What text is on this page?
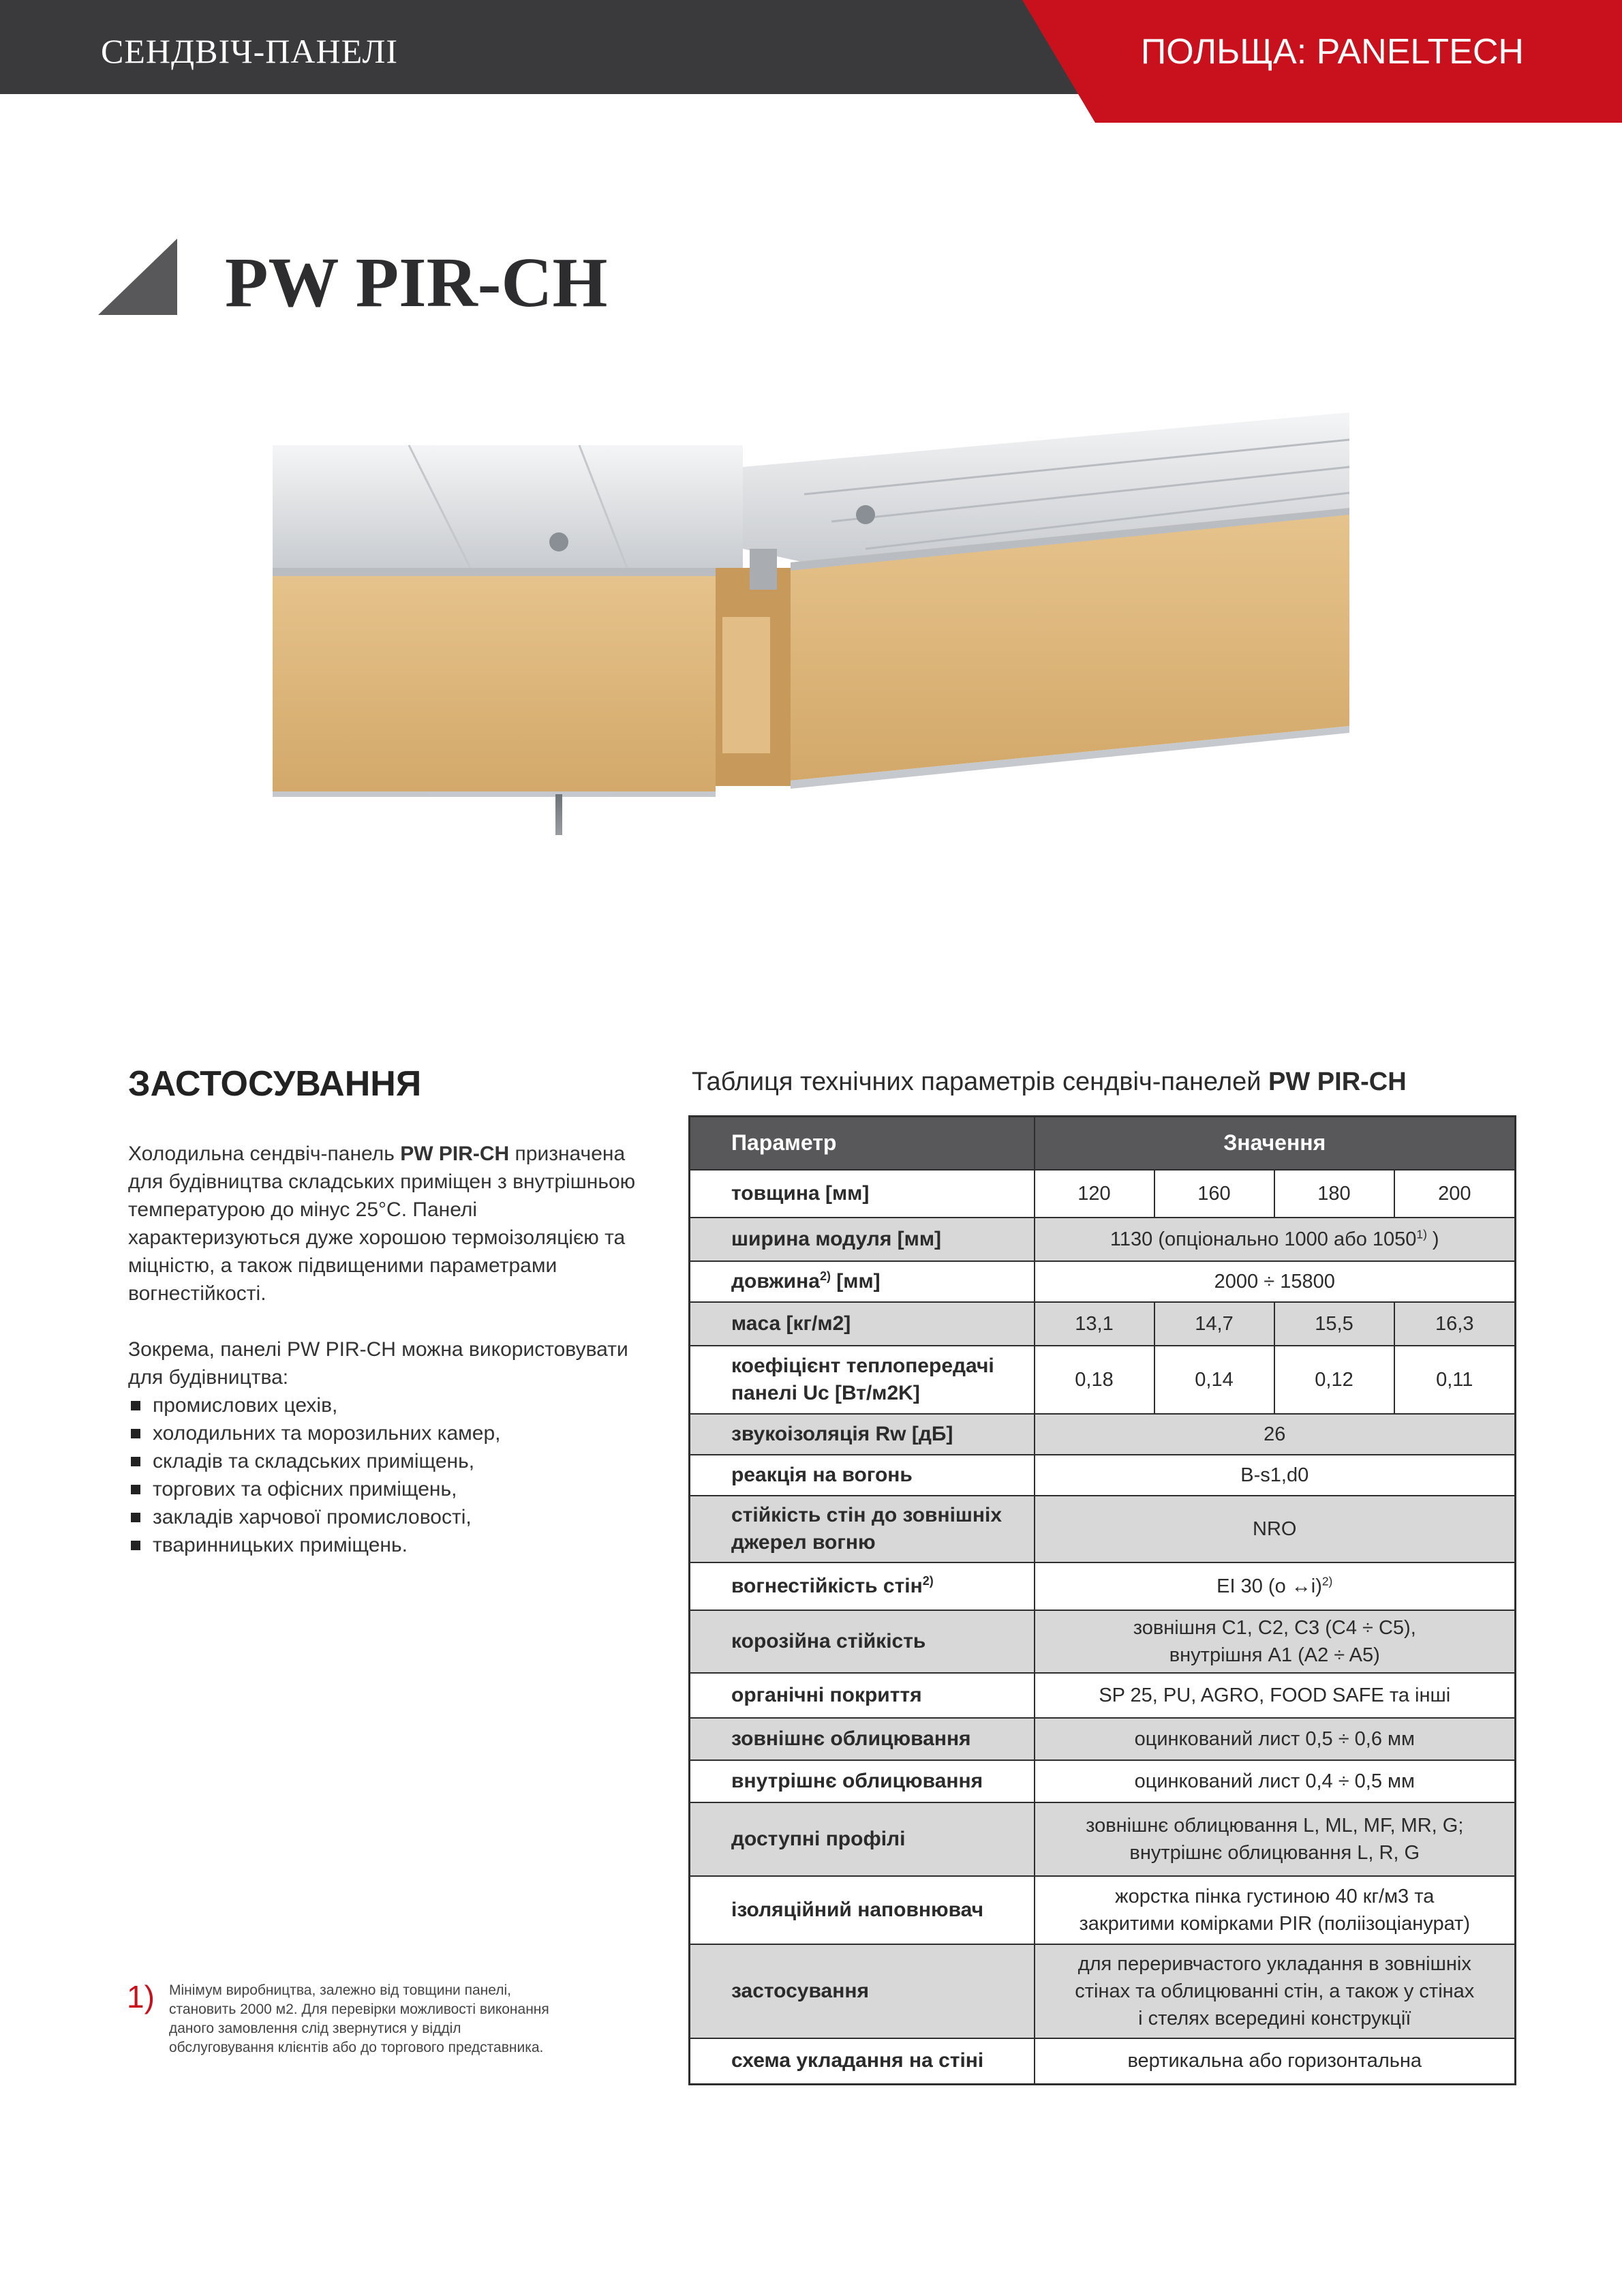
СЕНДВІЧ-ПАНЕЛІ	ПОЛЬЩА: PANELTECH
PW PIR-CH
ЗАСТОСУВАННЯ

Холодильна сендвіч-панель PW PIR-CH призначена для будівництва складських приміщен з внутрішньою температурою до мінус 25°C. Панелі характеризуються дуже хорошою термоізоляцією та міцністю, а також підвищеними параметрами вогнестійкості.

Зокрема, панелі PW PIR-CH можна використовувати для будівництва:

промислових цехів,
холодильних та морозильних камер,
складів та складських приміщень,
торгових та офісних приміщень,
закладів харчової промисловості,
тваринницьких приміщень.
1) Мінімум виробництва, залежно від товщини панелі, становить 2000 м2. Для перевірки можливості виконання даного замовлення слід звернутися у відділ обслуговування клієнтів або до торгового представника.
Таблиця технічних параметрів сендвіч-панелей PW PIR-CH
Параметр	Значення			
товщина [мм]	120	160	180	200
ширина модуля [мм]	1130 (опціонально 1000 або 1050$^{1)}$ )			
довжина$^{2)}$ [мм]	2000 ÷ 15800			
маса [кг/м2]	13,1	14,7	15,5	16,3
коефіцієнт теплопередачі панелі Uc [Вт/м2K]	0,18	0,14	0,12	0,11
звукоізоляція Rw [дБ]	26			
реакція на вогонь	B-s1,d0			
стійкість стін до зовнішніх джерел вогню	NRO			
вогнестійкість стін$^{2)}$	EI 30 (o ↔i)$^{2)}$
корозійна стійкість	зовнішня C1, C2, C3 (C4 ÷ C5),
внутрішня A1 (A2 ÷ A5)			

органічні покриття	SP 25, PU, AGRO, FOOD SAFE та інші			
зовнішнє облицювання	оцинкований лист 0,5 ÷ 0,6 мм			
внутрішнє облицювання	оцинкований лист 0,4 ÷ 0,5 мм			
доступні профілі	зовнішнє облицювання L, ML, MF, MR, G;
внутрішнє облицювання L, R, G			

ізоляційний наповнювач	жорстка пінка густиною 40 кг/м3 та
закритими комірками PIR (поліізоціанурат)			

застосування	для переривчастого укладання в зовнішніх
стінах та облицюванні стін, а також у стінах
і стелях всередині конструкції			

схема укладання на стіні	вертикальна або горизонтальна			
